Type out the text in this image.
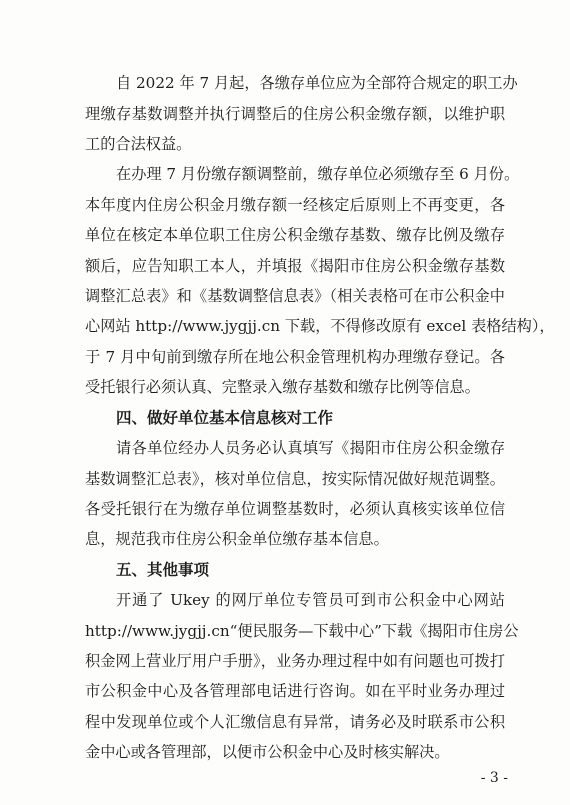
自 2022 年 7 月起，各缴存单位应为全部符合规定的职工办
理缴存基数调整并执行调整后的住房公积金缴存额，以维护职
工的合法权益。
在办理 7 月份缴存额调整前，缴存单位必须缴存至 6 月份。
本年度内住房公积金月缴存额一经核定后原则上不再变更，各
单位在核定本单位职工住房公积金缴存基数、缴存比例及缴存
额后，应告知职工本人，并填报《揭阳市住房公积金缴存基数
调整汇总表》和《基数调整信息表》（相关表格可在市公积金中
心网站 http://www.jygjj.cn 下载，不得修改原有 excel 表格结构），
于 7 月中旬前到缴存所在地公积金管理机构办理缴存登记。各
受托银行必须认真、完整录入缴存基数和缴存比例等信息。
四、做好单位基本信息核对工作
请各单位经办人员务必认真填写《揭阳市住房公积金缴存
基数调整汇总表》，核对单位信息，按实际情况做好规范调整。
各受托银行在为缴存单位调整基数时，必须认真核实该单位信
息，规范我市住房公积金单位缴存基本信息。
五、其他事项
开通了 Ukey 的网厅单位专管员可到市公积金中心网站
http://www.jygjj.cn“便民服务—下载中心”下载《揭阳市住房公
积金网上营业厅用户手册》，业务办理过程中如有问题也可拨打
市公积金中心及各管理部电话进行咨询。如在平时业务办理过
程中发现单位或个人汇缴信息有异常，请务必及时联系市公积
金中心或各管理部，以便市公积金中心及时核实解决。
- 3 -
